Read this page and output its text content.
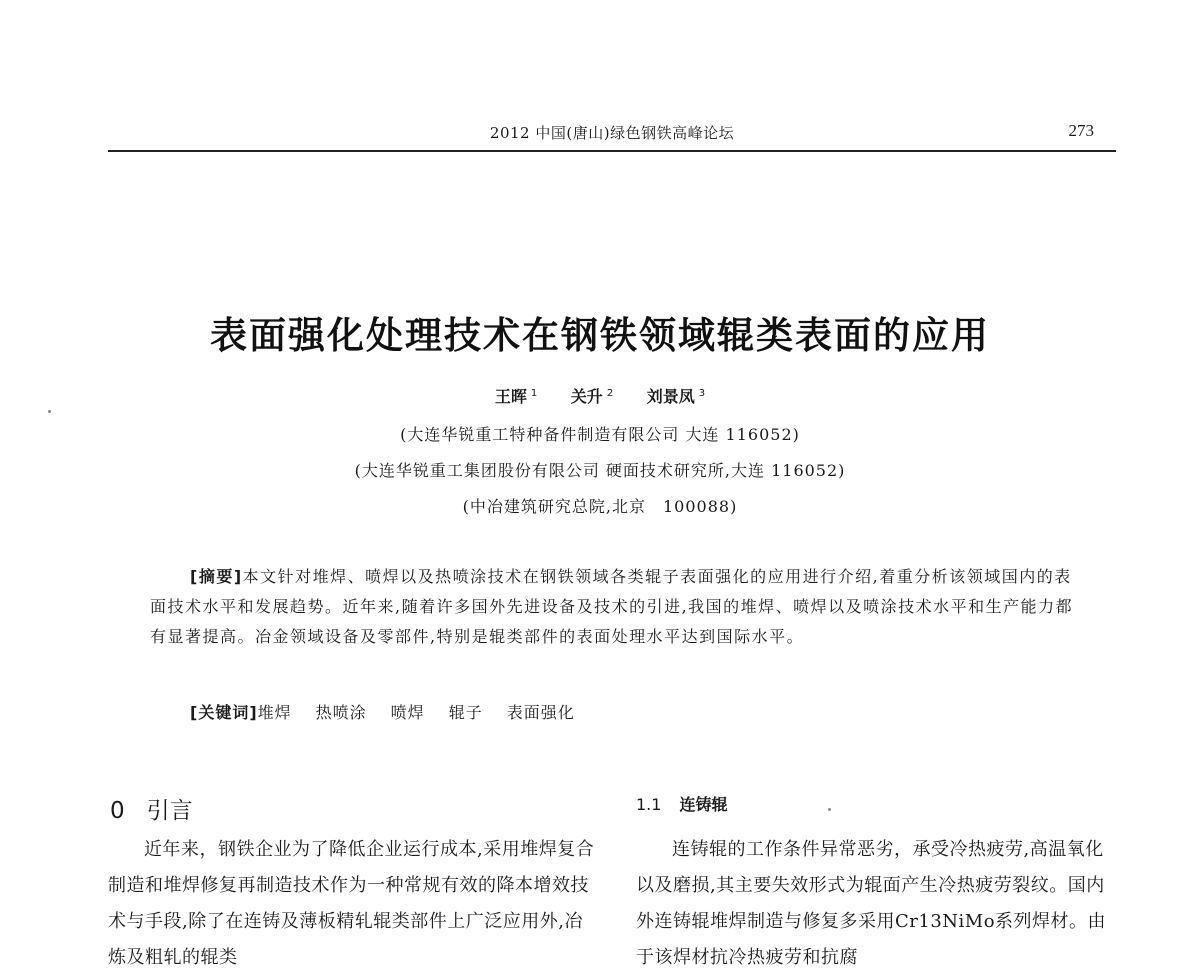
2012 中国(唐山)绿色钢铁高峰论坛	273
表面强化处理技术在钢铁领域辊类表面的应用
王晖 $^1$ 关升 $^2$ 刘景凤 $^3$
(大连华锐重工特种备件制造有限公司 大连 116052)
(大连华锐重工集团股份有限公司 硬面技术研究所,大连 116052)
(中冶建筑研究总院,北京　100088)

[摘要]本文针对堆焊、喷焊以及热喷涂技术在钢铁领域各类辊子表面强化的应用进行介绍,着重分析该领域国内的表面技术水平和发展趋势。近年来,随着许多国外先进设备及技术的引进,我国的堆焊、喷焊以及喷涂技术水平和生产能力都有显著提高。冶金领域设备及零部件,特别是辊类部件的表面处理水平达到国际水平。

[关键词]堆焊 热喷涂 喷焊 辊子 表面强化
0 引言

近年来，钢铁企业为了降低企业运行成本,采用堆焊复合制造和堆焊修复再制造技术作为一种常规有效的降本增效技术与手段,除了在连铸及薄板精轧辊类部件上广泛应用外,冶炼及粗轧的辊类

1.1 连铸辊

连铸辊的工作条件异常恶劣，承受冷热疲劳,高温氧化以及磨损,其主要失效形式为辊面产生冷热疲劳裂纹。国内外连铸辊堆焊制造与修复多采用Cr13NiMo系列焊材。由于该焊材抗冷热疲劳和抗腐
